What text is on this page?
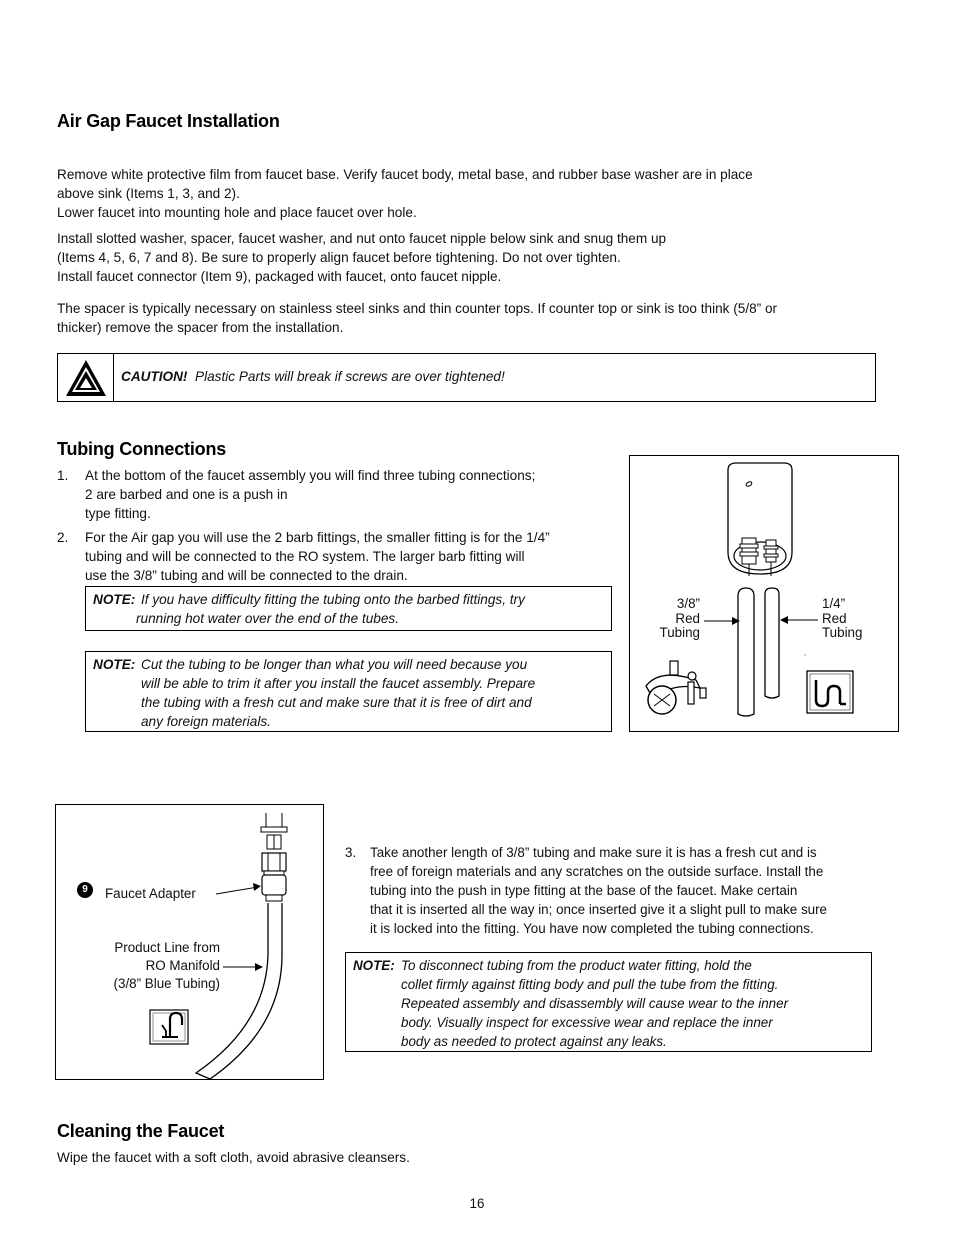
Air Gap Faucet Installation

Remove white protective film from faucet base. Verify faucet body, metal base, and rubber base washer are in place
above sink (Items 1, 3, and 2).
Lower faucet into mounting hole and place faucet over hole.

Install slotted washer, spacer, faucet washer, and nut onto faucet nipple below sink and snug them up
(Items 4, 5, 6, 7 and 8). Be sure to properly align faucet before tightening. Do not over tighten.
Install faucet connector (Item 9), packaged with faucet, onto faucet nipple.

The spacer is typically necessary on stainless steel sinks and thin counter tops. If counter top or sink is too think (5/8” or
thicker) remove the spacer from the installation.

CAUTION! Plastic Parts will break if screws are over tightened!
Tubing Connections
1. At the bottom of the faucet assembly you will find three tubing connections;
2 are barbed and one is a push in
type fitting.
2. For the Air gap you will use the 2 barb fittings, the smaller fitting is for the 1/4”
tubing and will be connected to the RO system. The larger barb fitting will
use the 3/8” tubing and will be connected to the drain.
NOTE: If you have difficulty fitting the tubing onto the barbed fittings, try
running hot water over the end of the tubes.
NOTE: Cut the tubing to be longer than what you will need because you
will be able to trim it after you install the faucet assembly. Prepare
the tubing with a fresh cut and make sure that it is free of dirt and
any foreign materials.
3/8”
Red
Tubing
1/4”
Red
Tubing
9	Faucet Adapter
Product Line from
RO Manifold
(3/8” Blue Tubing)
3. Take another length of 3/8” tubing and make sure it is has a fresh cut and is
free of foreign materials and any scratches on the outside surface. Install the
tubing into the push in type fitting at the base of the faucet. Make certain
that it is inserted all the way in; once inserted give it a slight pull to make sure
it is locked into the fitting. You have now completed the tubing connections.
NOTE: To disconnect tubing from the product water fitting, hold the
collet firmly against fitting body and pull the tube from the fitting.
Repeated assembly and disassembly will cause wear to the inner
body. Visually inspect for excessive wear and replace the inner
body as needed to protect against any leaks.
Cleaning the Faucet

Wipe the faucet with a soft cloth, avoid abrasive cleansers.

16
